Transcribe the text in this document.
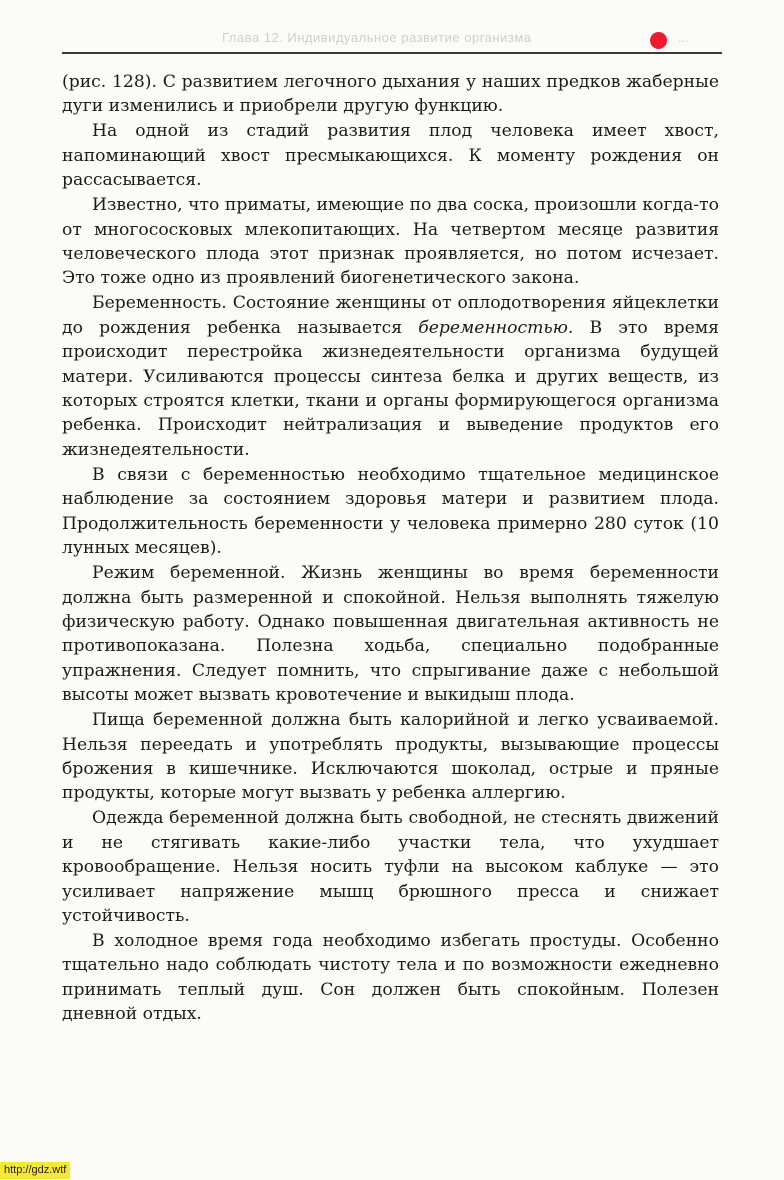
Глава 12. Индивидуальное развитие организма	...

(рис. 128). С развитием легочного дыхания у наших предков жаберные дуги изменились и приобрели другую функцию.

На одной из стадий развития плод человека имеет хвост, напоминающий хвост пресмыкающихся. К моменту рождения он рассасывается.

Известно, что приматы, имеющие по два соска, произошли когда-то от многососковых млекопитающих. На четвертом месяце развития человеческого плода этот признак проявляется, но потом исчезает. Это тоже одно из проявлений биогенетического закона.

Беременность. Состояние женщины от оплодотворения яйцеклетки до рождения ребенка называется беременностью. В это время происходит перестройка жизнедеятельности организма будущей матери. Усиливаются процессы синтеза белка и других веществ, из которых строятся клетки, ткани и органы формирующегося организма ребенка. Происходит нейтрализация и выведение продуктов его жизнедеятельности.

В связи с беременностью необходимо тщательное медицинское наблюдение за состоянием здоровья матери и развитием плода. Продолжительность беременности у человека примерно 280 суток (10 лунных месяцев).

Режим беременной. Жизнь женщины во время беременности должна быть размеренной и спокойной. Нельзя выполнять тяжелую физическую работу. Однако повышенная двигательная активность не противопоказана. Полезна ходьба, специально подобранные упражнения. Следует помнить, что спрыгивание даже с небольшой высоты может вызвать кровотечение и выкидыш плода.

Пища беременной должна быть калорийной и легко усваиваемой. Нельзя переедать и употреблять продукты, вызывающие процессы брожения в кишечнике. Исключаются шоколад, острые и пряные продукты, которые могут вызвать у ребенка аллергию.

Одежда беременной должна быть свободной, не стеснять движений и не стягивать какие-либо участки тела, что ухудшает кровообращение. Нельзя носить туфли на высоком каблуке — это усиливает напряжение мышц брюшного пресса и снижает устойчивость.

В холодное время года необходимо избегать простуды. Особенно тщательно надо соблюдать чистоту тела и по возможности ежедневно принимать теплый душ. Сон должен быть спокойным. Полезен дневной отдых.

http://gdz.wtf
